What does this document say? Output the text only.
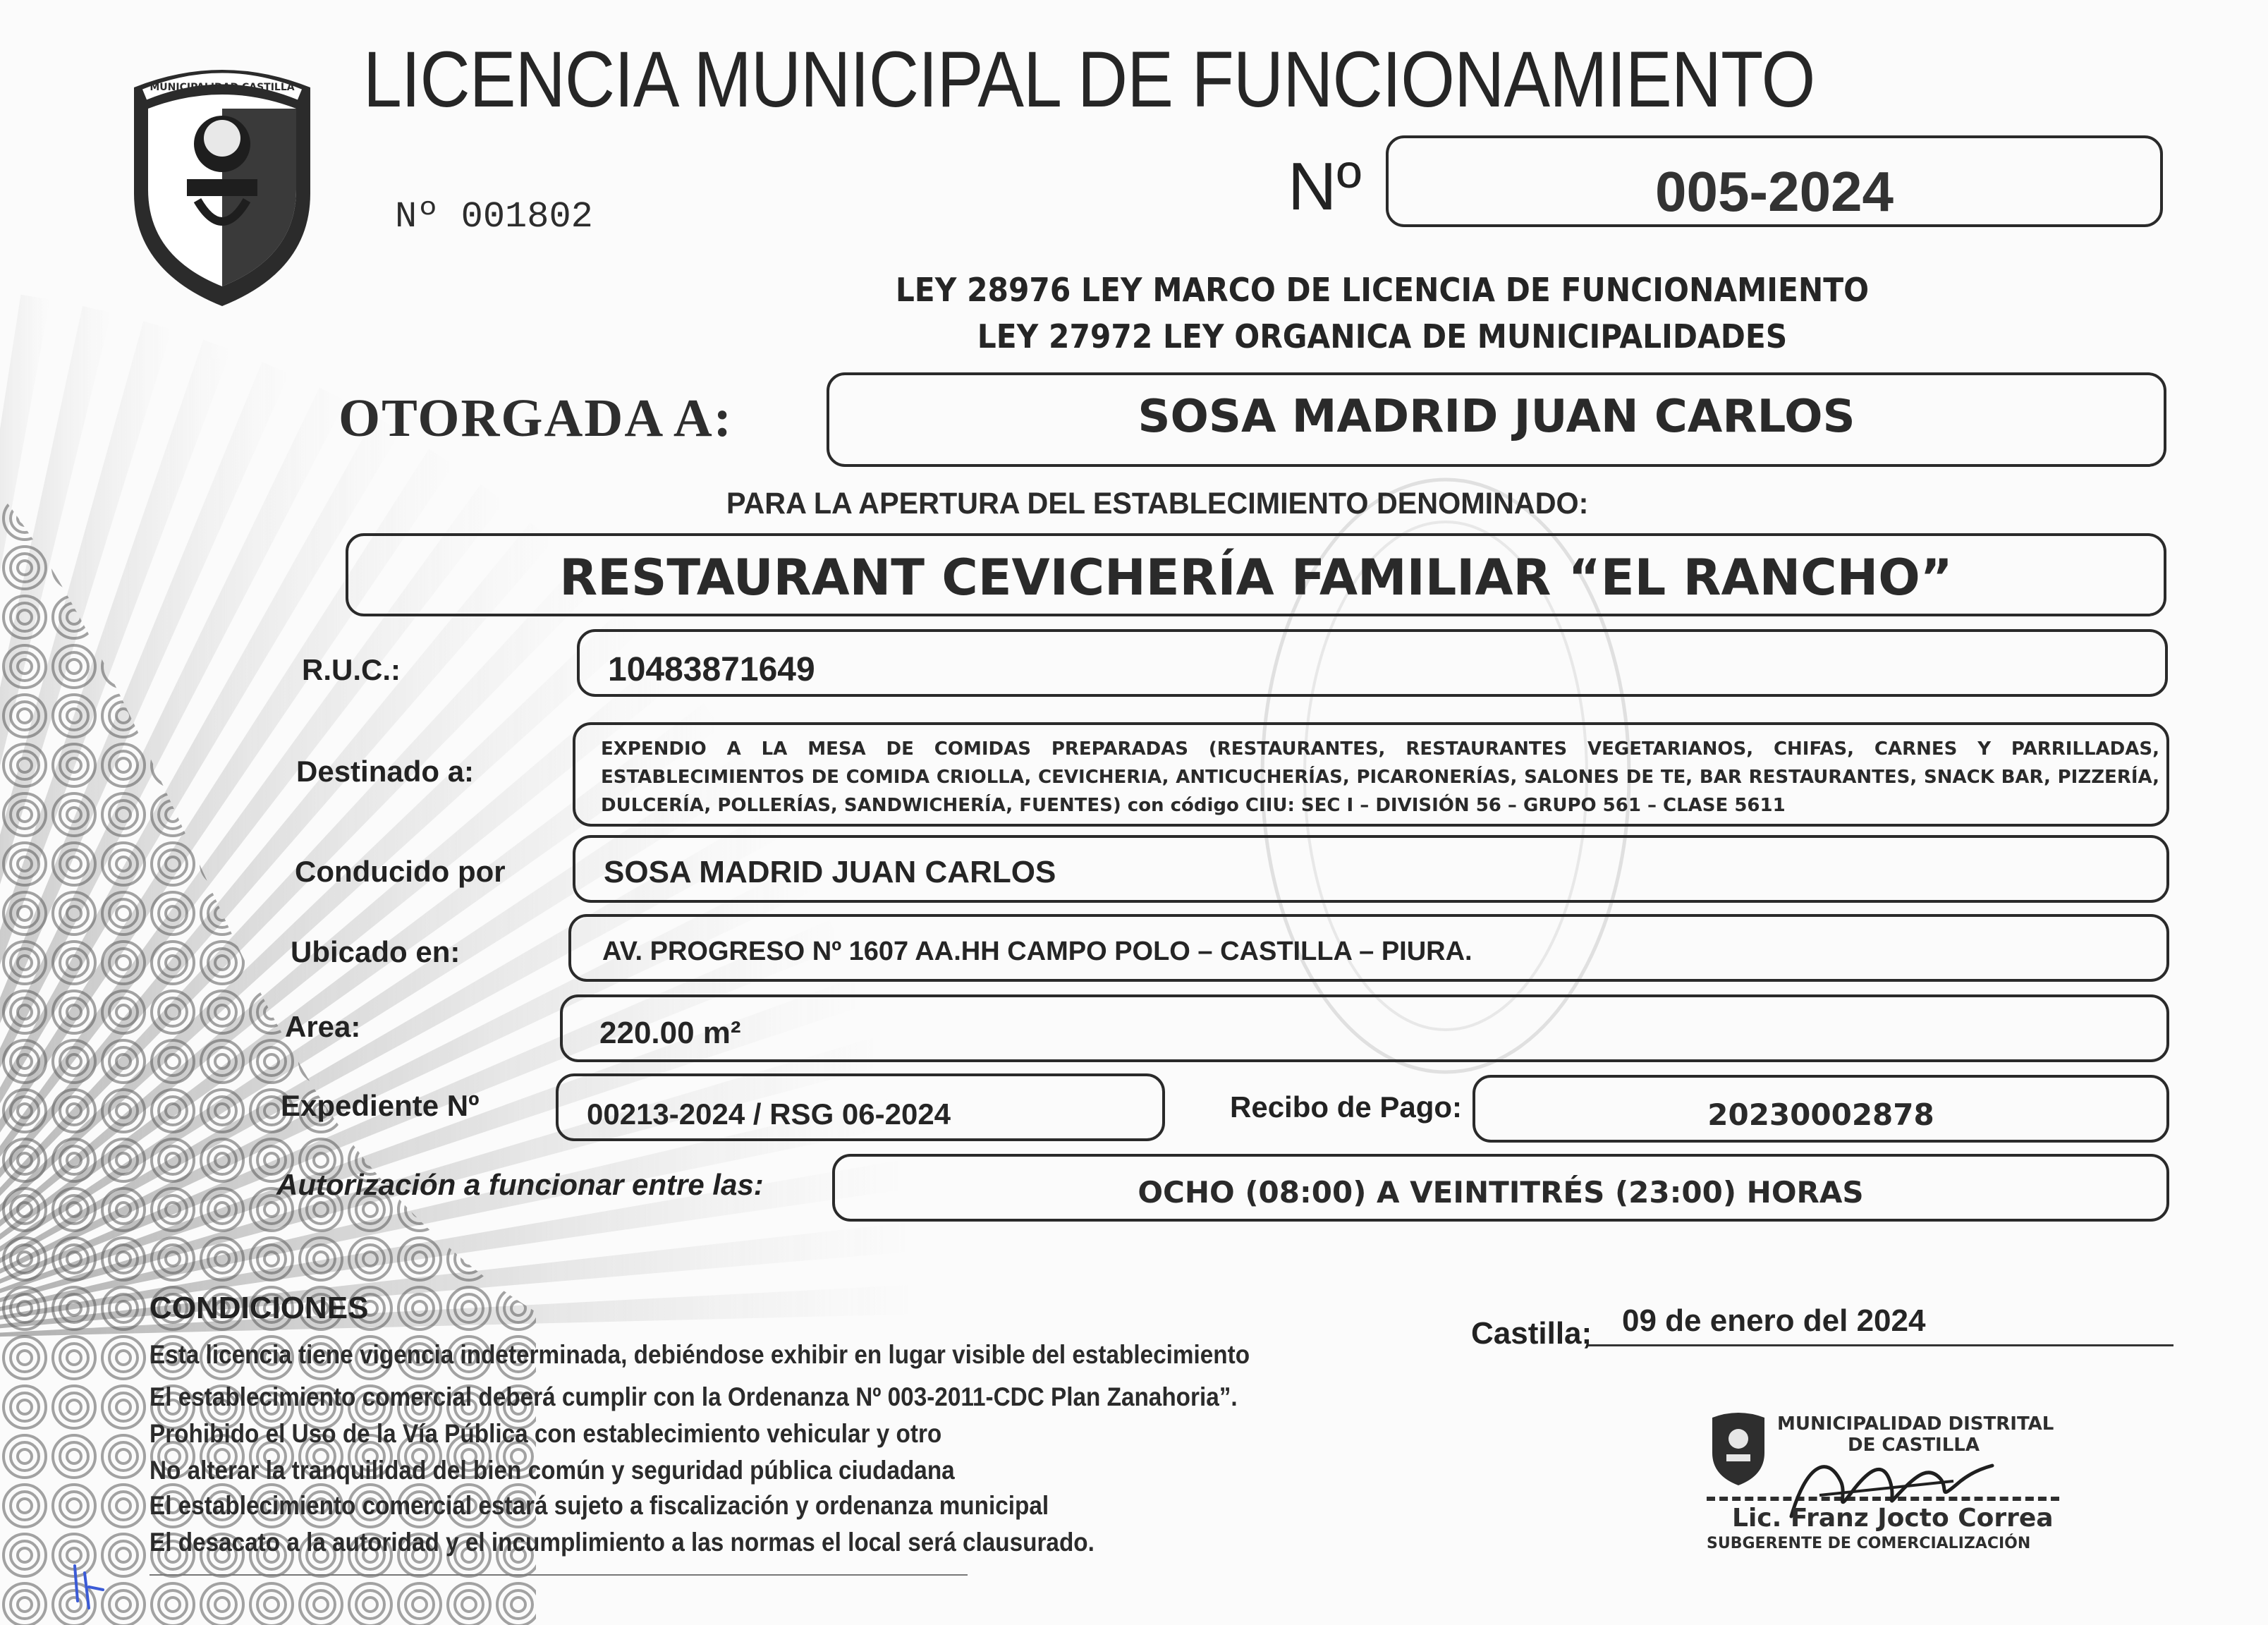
MUNICIPALIDAD CASTILLA LICENCIA MUNICIPAL DE FUNCIONAMIENTO
Nº 001802	Nº	005-2024
LEY 28976 LEY MARCO DE LICENCIA DE FUNCIONAMIENTO
LEY 27972 LEY ORGANICA DE MUNICIPALIDADES
OTORGADA A:	SOSA MADRID JUAN CARLOS
PARA LA APERTURA DEL ESTABLECIMIENTO DENOMINADO:
RESTAURANT CEVICHERÍA FAMILIAR “EL RANCHO”
R.U.C.:	10483871649
Destinado a:
EXPENDIO A LA MESA DE COMIDAS PREPARADAS (RESTAURANTES, RESTAURANTES VEGETARIANOS, CHIFAS, CARNES Y PARRILLADAS, ESTABLECIMIENTOS DE COMIDA CRIOLLA, CEVICHERIA, ANTICUCHERÍAS, PICARONERÍAS, SALONES DE TE, BAR RESTAURANTES, SNACK BAR, PIZZERÍA, DULCERÍA, POLLERÍAS, SANDWICHERÍA, FUENTES) con código CIIU: SEC I – DIVISIÓN 56 – GRUPO 561 – CLASE 5611
Conducido por	SOSA MADRID JUAN CARLOS
Ubicado en:	AV. PROGRESO Nº 1607 AA.HH CAMPO POLO – CASTILLA – PIURA.
Area:	220.00 m²
Expediente Nº	00213-2024 / RSG 06-2024	Recibo de Pago:	20230002878
Autorización a funcionar entre las:	OCHO (08:00) A VEINTITRÉS (23:00) HORAS
CONDICIONES
Esta licencia tiene vigencia indeterminada, debiéndose exhibir en lugar visible del establecimiento
El establecimiento comercial deberá cumplir con la Ordenanza Nº 003-2011-CDC Plan Zanahoria”.
Prohibido el Uso de la Vía Pública con establecimiento vehicular y otro
No alterar la tranquilidad del bien común y seguridad pública ciudadana
El establecimiento comercial estará sujeto a fiscalización y ordenanza municipal
El desacato a la autoridad y el incumplimiento a las normas el local será clausurado.
Castilla; 09 de enero del 2024
MUNICIPALIDAD DISTRITAL
DE CASTILLA
Lic. Franz Jocto Correa
SUBGERENTE DE COMERCIALIZACIÓN
